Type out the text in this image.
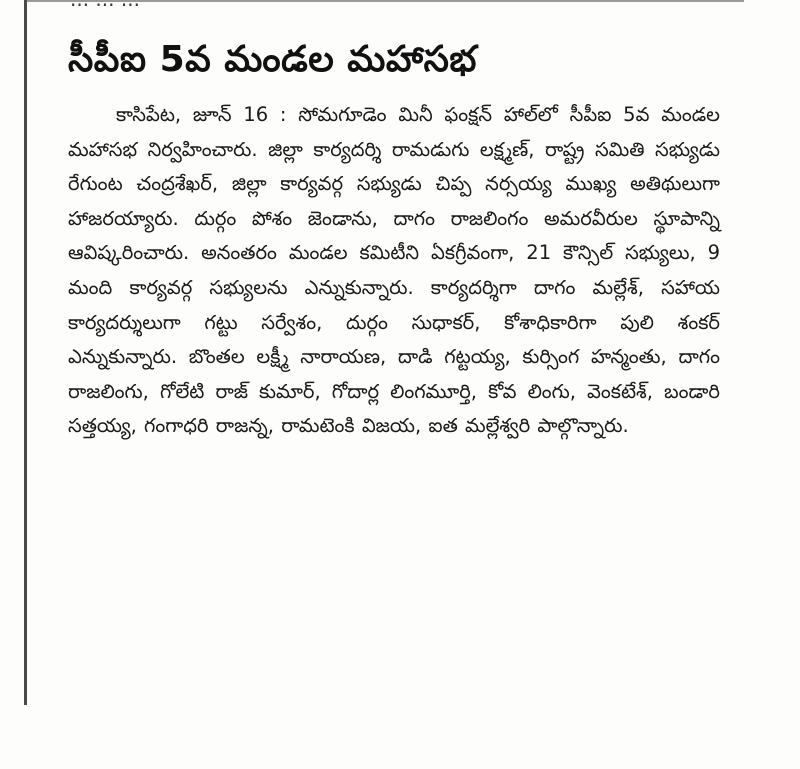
సీపీఐ 5వ మండల మహాసభ

కాసిపేట, జూన్ 16 : సోమగూడెం మినీ ఫంక్షన్ హాల్‌లో సీపీఐ 5వ మండల మహాసభ నిర్వహించారు. జిల్లా కార్యదర్శి రామడుగు లక్ష్మణ్, రాష్ట్ర సమితి సభ్యుడు రేగుంట చంద్రశేఖర్, జిల్లా కార్యవర్గ సభ్యుడు చిప్ప నర్సయ్య ముఖ్య అతిథులుగా హాజరయ్యారు. దుర్గం పోశం జెండాను, దాగం రాజలింగం అమరవీరుల స్థూపాన్ని ఆవిష్కరించారు. అనంతరం మండల కమిటీని ఏకగ్రీవంగా, 21 కౌన్సిల్ సభ్యులు, 9 మంది కార్యవర్గ సభ్యులను ఎన్నుకున్నారు. కార్యదర్శిగా దాగం మల్లేశ్, సహాయ కార్యదర్శులుగా గట్టు సర్వేశం, దుర్గం సుధాకర్, కోశాధికారిగా పులి శంకర్ ఎన్నుకున్నారు. బొంతల లక్ష్మీ నారాయణ, దాడి గట్టయ్య, కుర్సింగ హన్మంతు, దాగం రాజలింగు, గోలేటి రాజ్ కుమార్, గోదార్ల లింగమూర్తి, కోవ లింగు, వెంకటేశ్, బండారి సత్తయ్య, గంగాధరి రాజన్న, రామటెంకి విజయ, ఐత మల్లేశ్వరి పాల్గొన్నారు.
